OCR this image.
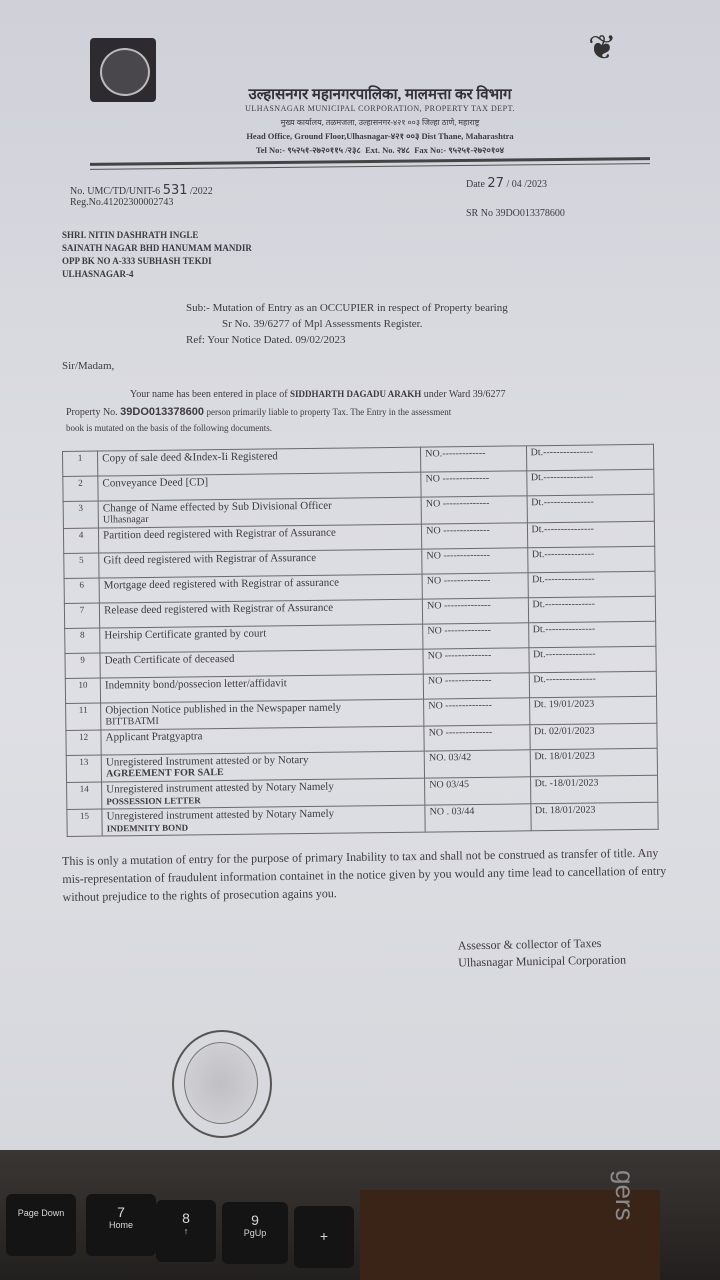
❦
उल्हासनगर महानगरपालिका, मालमत्ता कर विभाग
ULHASNAGAR MUNICIPAL CORPORATION, PROPERTY TAX DEPT.
मुख्य कार्यालय, तळमजला, उल्हासनगर-४२१ ००३ जिल्हा ठाणे, महाराष्ट्र
Head Office, Ground Floor,Ulhasnagar-४२१ ००३ Dist Thane, Maharashtra
Tel No:- ९५२५१-२७२०११५ /२३८ Ext. No. २४८ Fax No:- ९५२५१-२७२०१०४
No. UMC/TD/UNIT-6 531 /2022
Reg.No.41202300002743
Date 27 / 04 /2023
SR No 39DO013378600
SHRI. NITIN DASHRATH INGLE
SAINATH NAGAR BHD HANUMAM MANDIR
OPP BK NO A-333 SUBHASH TEKDI
ULHASNAGAR-4
Sub:- Mutation of Entry as an OCCUPIER in respect of Property bearing
Sr No. 39/6277 of Mpl Assessments Register.
Ref: Your Notice Dated. 09/02/2023
Sir/Madam,
Your name has been entered in place of SIDDHARTH DAGADU ARAKH under Ward 39/6277
Property No. 39DO013378600 person primarily liable to property Tax. The Entry in the assessment
book is mutated on the basis of the following documents.
1	Copy of sale deed &Index-Ii Registered	NO.-------------	Dt.---------------
2	Conveyance Deed [CD]	NO --------------	Dt.---------------
3	Change of Name effected by Sub Divisional Officer
Ulhasnagar	NO --------------	Dt.---------------
4	Partition deed registered with Registrar of Assurance	NO --------------	Dt.---------------
5	Gift deed registered with Registrar of Assurance	NO --------------	Dt.---------------
6	Mortgage deed registered with Registrar of assurance	NO --------------	Dt.---------------
7	Release deed registered with Registrar of Assurance	NO --------------	Dt.---------------
8	Heirship Certificate granted by court	NO --------------	Dt.---------------
9	Death Certificate of deceased	NO --------------	Dt.---------------
10	Indemnity bond/possecion letter/affidavit	NO --------------	Dt.---------------
11	Objection Notice published in the Newspaper namely
BITTBATMI	NO --------------	Dt. 19/01/2023
12	Applicant Pratgyaptra	NO --------------	Dt. 02/01/2023
13	Unregistered Instrument attested or by Notary
AGREEMENT FOR SALE	NO. 03/42	Dt. 18/01/2023
14	Unregistered instrument attested by Notary Namely
POSSESSION LETTER	NO 03/45	Dt. -18/01/2023
15	Unregistered instrument attested by Notary Namely
INDEMNITY BOND	NO . 03/44	Dt. 18/01/2023
This is only a mutation of entry for the purpose of primary Inability to tax and shall not be construed as transfer of title. Any mis-representation of fraudulent information containet in the notice given by you would any time lead to cancellation of entry without prejudice to the rights of prosecution agains you.
Assessor & collector of Taxes
Ulhasnagar Municipal Corporation
Page Down	7
Home	8
↑
9
PgUp	+
gers
